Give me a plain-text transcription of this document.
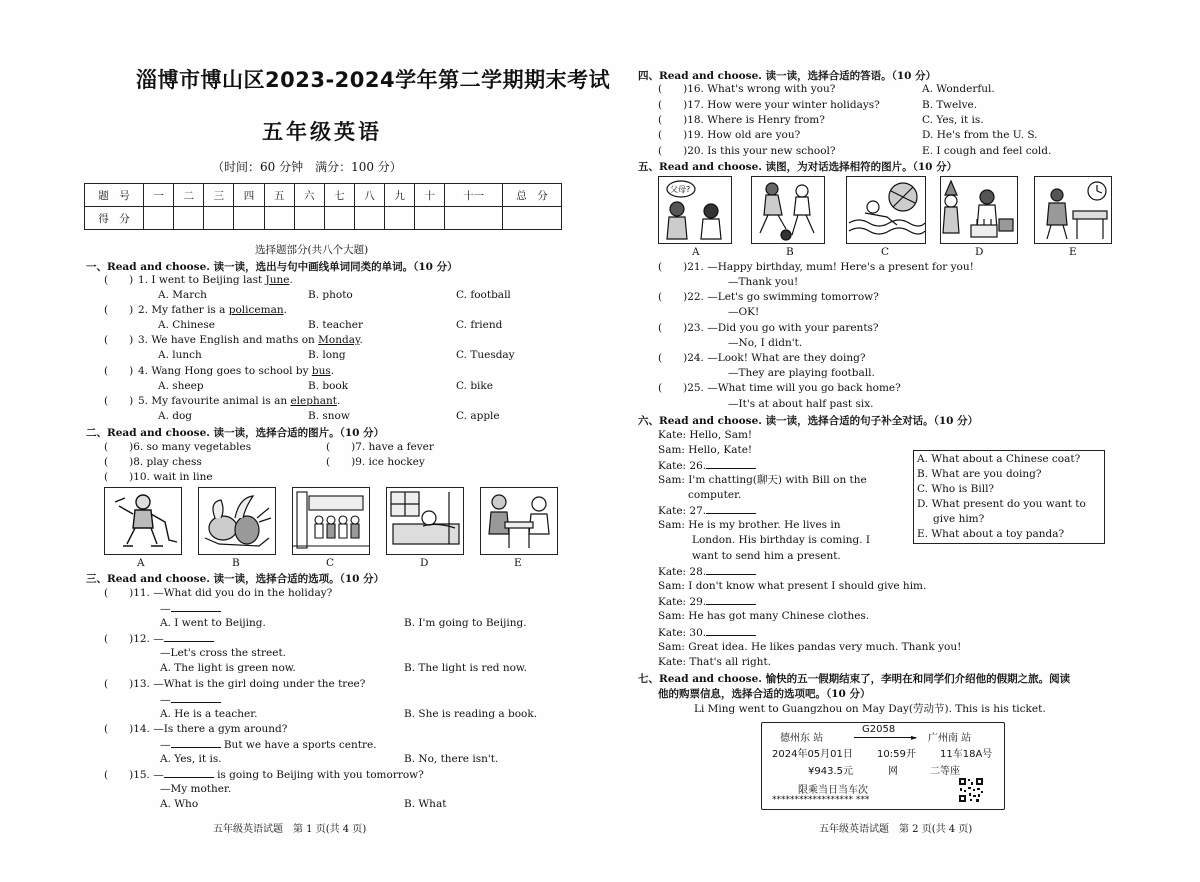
淄博市博山区2023-2024学年第二学期期末考试
五年级英语
（时间：60 分钟　满分：100 分）
题　号	一	二	三	四	五	六	七	八	九	十	十一	总　分
得　分												
选择题部分(共八个大题)
一、Read and choose. 读一读，选出与句中画线单词同类的单词。（10 分）
(　　) 1. I went to Beijing last June.
A. March	B. photo	C. football
(　　) 2. My father is a policeman.
A. Chinese	B. teacher	C. friend
(　　) 3. We have English and maths on Monday.
A. lunch	B. long	C. Tuesday
(　　) 4. Wang Hong goes to school by bus.
A. sheep	B. book	C. bike
(　　) 5. My favourite animal is an elephant.
A. dog	B. snow	C. apple
二、Read and choose. 读一读，选择合适的图片。（10 分）
(　　)6. so many vegetables	(　　)7. have a fever
(　　)8. play chess	(　　)9. ice hockey
(　　)10. wait in line
A	B	C	D	E
三、Read and choose. 读一读，选择合适的选项。（10 分）
(　　)11. —What did you do in the holiday?
—
A. I went to Beijing.	B. I'm going to Beijing.
(　　)12. —
—Let's cross the street.
A. The light is green now.	B. The light is red now.
(　　)13. —What is the girl doing under the tree?
—
A. He is a teacher.	B. She is reading a book.
(　　)14. —Is there a gym around?
—	But we have a sports centre.
A. Yes, it is.	B. No, there isn't.
(　　)15. —	is going to Beijing with you tomorrow?
—My mother.
A. Who	B. What
五年级英语试题　第 1 页(共 4 页)
四、Read and choose. 读一读，选择合适的答语。（10 分）
(　　)16. What's wrong with you?	A. Wonderful.
(　　)17. How were your winter holidays?	B. Twelve.
(　　)18. Where is Henry from?	C. Yes, it is.
(　　)19. How old are you?	D. He's from the U. S.
(　　)20. Is this your new school?	E. I cough and feel cold.
五、Read and choose. 读图，为对话选择相符的图片。（10 分）
父母?
A	B	C	D	E
(　　)21. —Happy birthday, mum! Here's a present for you!
—Thank you!
(　　)22. —Let's go swimming tomorrow?
—OK!
(　　)23. —Did you go with your parents?
—No, I didn't.
(　　)24. —Look! What are they doing?
—They are playing football.
(　　)25. —What time will you go back home?
—It's at about half past six.
六、Read and choose. 读一读，选择合适的句子补全对话。（10 分）
Kate: Hello, Sam!
Sam: Hello, Kate!
Kate: 26.
Sam: I'm chatting(聊天) with Bill on the
computer.
Kate: 27.
Sam: He is my brother. He lives in
London. His birthday is coming. I
want to send him a present.
Kate: 28.
Sam: I don't know what present I should give him.
Kate: 29.
Sam: He has got many Chinese clothes.
Kate: 30.
Sam: Great idea. He likes pandas very much. Thank you!
Kate: That's all right.
A. What about a Chinese coat?
B. What are you doing?
C. Who is Bill?
D. What present do you want to
give him?
E. What about a toy panda?
七、Read and choose. 愉快的五一假期结束了，李明在和同学们介绍他的假期之旅。阅读
他的购票信息，选择合适的选项吧。（10 分）
Li Ming went to Guangzhou on May Day(劳动节). This is his ticket.
德州东 站
G2058
► 广州南 站
2024年05月01日 10:59开 11车18A号
¥943.5元	网	二等座
限乘当日当车次
****************** ***
五年级英语试题　第 2 页(共 4 页)
